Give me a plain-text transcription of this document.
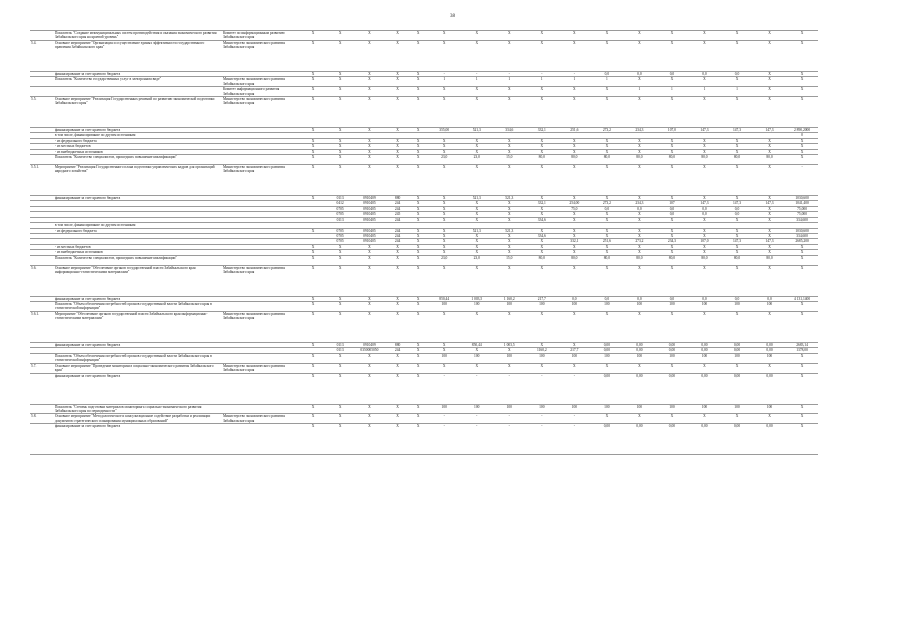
38
	Показатель "Создание межмуниципальных систем противодействия и оказания экономического развития Забайкальского края на краевой уровень"	Комитет по информационным развитию Забайкальского края	Х	Х	Х	Х	Х	Х	Х	Х	Х	Х	Х	Х	Х	Х	Х	Х	Х
5.4.	Основное мероприятие "Организация и осуществление единых эффективности государственного правления Забайкальского края"	Министерство экономического развития Забайкальского края	Х	Х	Х	Х	Х	Х	Х	Х	Х	Х	Х	Х	Х	Х	Х	Х	Х
	финансирование за счет краевого бюджета		Х	Х	Х	Х	Х	-	-	-	-	-	0,0	0,0	0,0	0,0	0,0	Х	Х
	Показатель "Количество государственных услуг в электронном виде"	Министерство экономического развития Забайкальского края	Х	Х	Х	Х	Х	1	1	1	1	1	1	Х	Х	Х	Х	Х	Х
		Комитет информационного развития Забайкальского края	Х	Х	Х	Х	Х	Х	Х	Х	Х	Х	Х	1	1	1	1	Х	Х
5.5.	Основное мероприятие "Реализация Государственных решений по развитию экономической подготовки Забайкальского края"	Министерство экономического развития Забайкальского края	Х	Х	Х	Х	Х	Х	Х	Х	Х	Х	Х	Х	Х	Х	Х	Х	Х
	финансирование за счет краевого бюджета		Х	Х	Х	Х	Х	355,00	521,3	334,6	332,1	251,6	273,2	234,3	107,0	147,3	147,3	147,3	2 890,2000
	в том числе, финансирование по другим источникам:																		0
	- из федерального бюджета		Х	Х	Х	Х	Х	Х	Х	Х	Х	Х	Х	Х	Х	Х	Х	Х	Х
	- из местных бюджетов		Х	Х	Х	Х	Х	Х	Х	Х	Х	Х	Х	Х	Х	Х	Х	Х	Х
	- из внебюджетных источников		Х	Х	Х	Х	Х	Х	Х	Х	Х	Х	Х	Х	Х	Х	Х	Х	Х
	Показатель "Количество специалистов, прошедших повышение квалификации"		Х	Х	Х	Х	Х	23,0	23,0	15,0	80,0	80,0	80,0	80,0	80,0	80,0	80,0	80,0	Х
5.5.1.	Мероприятие "Реализация Государственного плана подготовки управленческих кадров для организаций народного хозяйства"	Министерство экономического развития Забайкальского края	Х	Х	Х	Х	Х	Х	Х	Х	Х	Х	Х	Х	Х	Х	Х	Х	-
	финансирование за счет краевого бюджета		Х	0113	0910409	880	Х	Х	521,3	521,3	Х	Х	Х	Х	Х	Х	Х	Х	1030,600
				0412	0910405	244	Х	Х	Х	Х	332,1	254,00	273,2	234,3	107	147,3	147,3	147,3	1041,400
				0705	0910405	244	Х	Х	Х	Х	Х	75,0	0,0	0,0	0,0	0,0	0,0	Х	75,000
				0705	0910405	245	Х	Х	Х	Х	Х	Х	Х	Х	0,0	0,0	0,0	Х	75,000
				0113	0910405	244	Х	Х	Х	Х	334,6	Х	Х	Х	Х	Х	Х	Х	334,600
	в том числе, финансирование по другим источникам:																		
	- из федерального бюджета		Х	0705	0910405	244	Х	Х	521,3	521,3	Х	Х	Х	Х	Х	Х	Х	Х	1030,600
				0705	0910405	244	Х	Х	Х	Х	334,6	Х	Х	Х	Х	Х	Х	Х	334,600
				0705	0910405	244	Х	Х	Х	Х	Х	332,1	251,6	273,2	234,3	107,0	147,3	147,3	2685,200
	- из местных бюджетов		Х	Х	Х	Х	Х	Х	Х	Х	Х	Х	Х	Х	Х	Х	Х	Х	Х
	- из внебюджетных источников		Х	Х	Х	Х	Х	Х	Х	Х	Х	Х	Х	Х	Х	Х	Х	Х	Х
	Показатель "Количество специалистов, прошедших повышение квалификации"		Х	Х	Х	Х	Х	23,0	23,0	15,0	80,0	80,0	80,0	80,0	80,0	80,0	80,0	80,0	Х
5.6.	Основное мероприятие "Обеспечение органов государственной власти Забайкальского края информационно-статистическими материалами"	Министерство экономического развития Забайкальского края	Х	Х	Х	Х	Х	Х	Х	Х	Х	Х	Х	Х	Х	Х	Х	Х	Х
	финансирование за счет краевого бюджета		Х	Х	Х	Х	Х	850,44	1 003,5	1 160,2	217,7	0,0	0,0	0,0	0,0	0,0	0,0	0,0	4 131,1400
	Показатель "Объем обеспечения потребностей органов государственной власти Забайкальского края в статистической информации"		Х	Х	Х	Х	Х	100	100	100	100	100	100	100	100	100	100	100	Х
5.6.1.	Мероприятие "Обеспечение органов государственной власти Забайкальского края информационно-статистическими материалами"	Министерство экономического развития Забайкальского края	Х	Х	Х	Х	Х	Х	Х	Х	Х	Х	Х	Х	Х	Х	Х	Х	Х
	финансирование за счет краевого бюджета		Х	0113	0910409	880	Х	Х	850,44	1 003,5	Х	Х	0,00	0,00	0,00	0,00	0,00	0,00	2683,14
				0113	0350005050	244	Х	Х	Х	Х	1160,2	217,7	0,00	0,00	0,00	0,00	0,00	0,00	1378,00
	Показатель "Объем обеспечения потребностей органов государственной власти Забайкальского края в статистической информации"		Х	Х	Х	Х	Х	100	100	100	100	100	100	100	100	100	100	100	Х
5.7.	Основное мероприятие "Проведение мониторинга социально-экономического развития Забайкальского края"	Министерство экономического развития Забайкальского края	Х	Х	Х	Х	Х	Х	Х	Х	Х	Х	Х	Х	Х	Х	Х	Х	Х
	финансирование за счет краевого бюджета		Х	Х	Х	Х	Х	-	-	-	-	-	0,00	0,00	0,00	0,00	0,00	0,00	Х
	Показатель "Степень подготовки материалов мониторинга социально-экономического развития Забайкальского края по периодичности"		Х	Х	Х	Х	Х	100	100	100	100	100	100	100	100	100	100	100	Х
5.8.	Основное мероприятие "Методологическое и консультационное содействие разработки и реализации документов стратегического планирования муниципальных образований"	Министерство экономического развития Забайкальского края	Х	Х	Х	Х	Х	-	-	-	-	-	Х	Х	Х	Х	Х	Х	Х
	финансирование за счет краевого бюджета		Х	Х	Х	Х	Х	-	-	-	-	-	0,00	0,00	0,00	0,00	0,00	0,00	Х
